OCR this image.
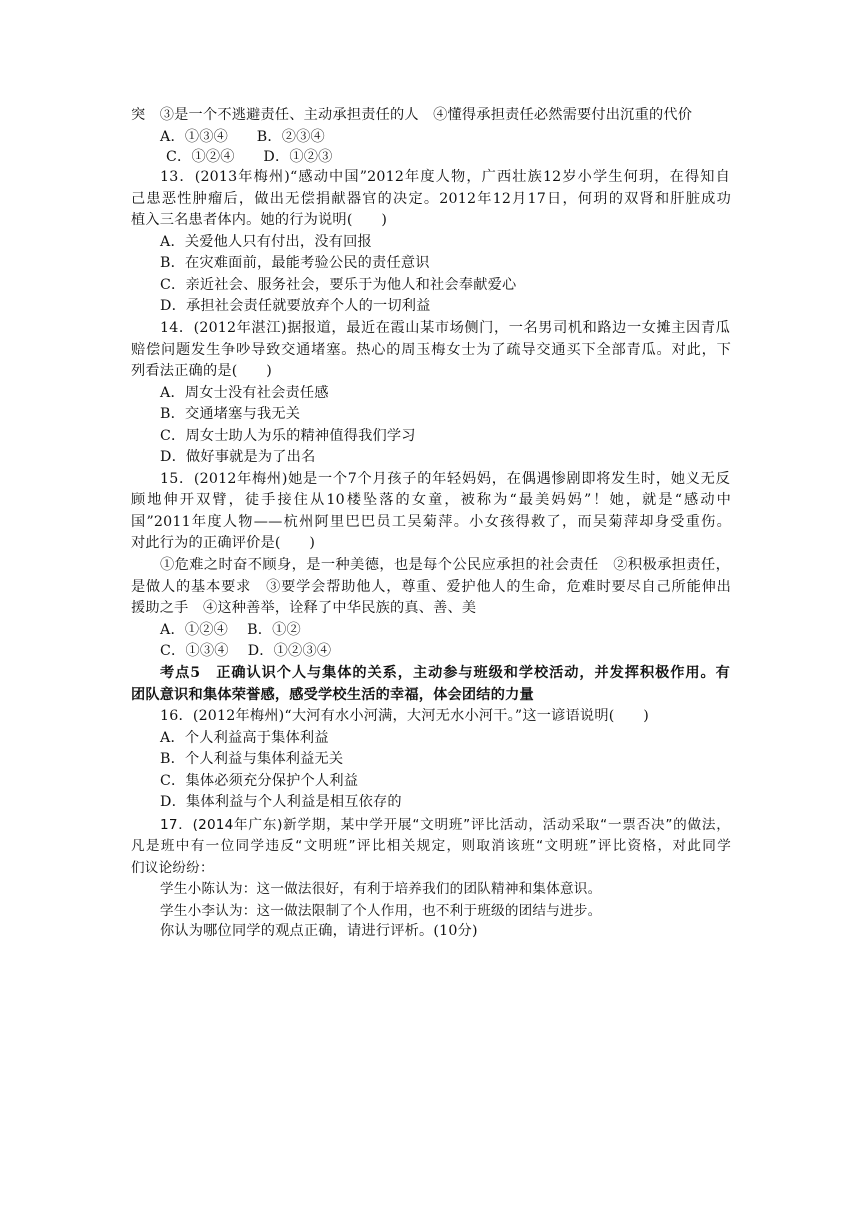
突　③是一个不逃避责任、主动承担责任的人　④懂得承担责任必然需要付出沉重的代价
A．①③④　　B．②③④
C．①②④　　D．①②③
13．(2013年梅州)“感动中国”2012年度人物，广西壮族12岁小学生何玥，在得知自
己患恶性肿瘤后，做出无偿捐献器官的决定。2012年12月17日，何玥的双肾和肝脏成功
植入三名患者体内。她的行为说明(　　)
A．关爱他人只有付出，没有回报
B．在灾难面前，最能考验公民的责任意识
C．亲近社会、服务社会，要乐于为他人和社会奉献爱心
D．承担社会责任就要放弃个人的一切利益
14．(2012年湛江)据报道，最近在霞山某市场侧门，一名男司机和路边一女摊主因青瓜
赔偿问题发生争吵导致交通堵塞。热心的周玉梅女士为了疏导交通买下全部青瓜。对此，下
列看法正确的是(　　)
A．周女士没有社会责任感
B．交通堵塞与我无关
C．周女士助人为乐的精神值得我们学习
D．做好事就是为了出名
15．(2012年梅州)她是一个7个月孩子的年轻妈妈，在偶遇惨剧即将发生时，她义无反
顾地伸开双臂，徒手接住从10楼坠落的女童，被称为“最美妈妈”！她，就是“感动中
国”2011年度人物——杭州阿里巴巴员工吴菊萍。小女孩得救了，而吴菊萍却身受重伤。
对此行为的正确评价是(　　)
①危难之时奋不顾身，是一种美德，也是每个公民应承担的社会责任　②积极承担责任，
是做人的基本要求　③要学会帮助他人，尊重、爱护他人的生命，危难时要尽自己所能伸出
援助之手　④这种善举，诠释了中华民族的真、善、美
A．①②④　 B．①②
C．①③④　 D．①②③④
考点5　正确认识个人与集体的关系，主动参与班级和学校活动，并发挥积极作用。有
团队意识和集体荣誉感，感受学校生活的幸福，体会团结的力量
16．(2012年梅州)“大河有水小河满，大河无水小河干。”这一谚语说明(　　)
A．个人利益高于集体利益
B．个人利益与集体利益无关
C．集体必须充分保护个人利益
D．集体利益与个人利益是相互依存的
17．(2014年广东)新学期，某中学开展“文明班”评比活动，活动采取“一票否决”的做法，
凡是班中有一位同学违反“文明班”评比相关规定，则取消该班“文明班”评比资格，对此同学
们议论纷纷：
学生小陈认为：这一做法很好，有利于培养我们的团队精神和集体意识。
学生小李认为：这一做法限制了个人作用，也不利于班级的团结与进步。
你认为哪位同学的观点正确，请进行评析。(10分)
